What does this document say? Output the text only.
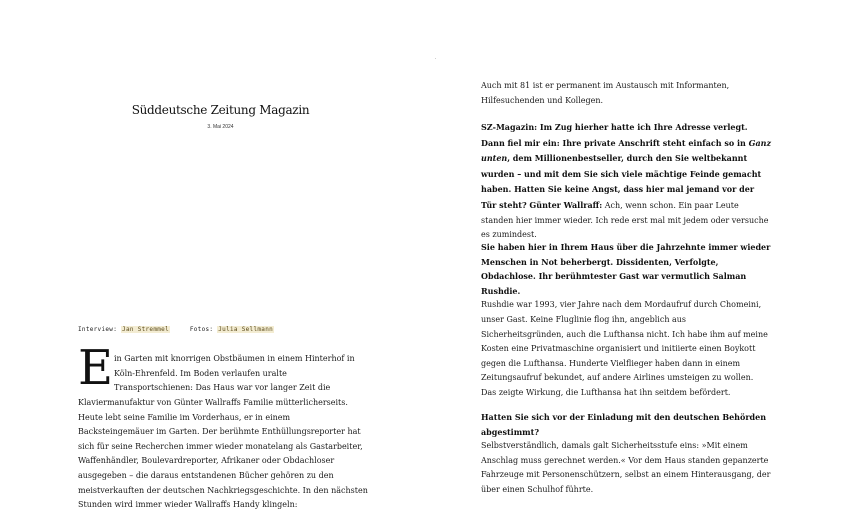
Süddeutsche Zeitung Magazin
3. Mai 2024
Interview: Jan Stremmel	Fotos: Julia Sellmann
E in Garten mit knorrigen Obstbäumen in einem Hinterhof in Köln-Ehrenfeld. Im Boden verlaufen uralte Transportschienen: Das Haus war vor langer Zeit die
Klaviermanufaktur von Günter Wallraffs Familie mütterlicherseits. Heute lebt seine Familie im Vorderhaus, er in einem Backsteingemäuer im Garten. Der berühmte Enthüllungsreporter hat sich für seine Recherchen immer wieder monatelang als Gastarbeiter, Waffenhändler, Boulevardreporter, Afrikaner oder Obdachloser ausgegeben – die daraus entstandenen Bücher gehören zu den meistverkauften der deutschen Nachkriegsgeschichte. In den nächsten Stunden wird immer wieder Wallraffs Handy klingeln:
Auch mit 81 ist er permanent im Austausch mit Informanten, Hilfesuchenden und Kollegen.
SZ-Magazin: Im Zug hierher hatte ich Ihre Adresse verlegt. Dann fiel mir ein: Ihre private Anschrift steht einfach so in Ganz unten, dem Millionenbestseller, durch den Sie weltbekannt wurden – und mit dem Sie sich viele mächtige Feinde gemacht haben. Hatten Sie keine Angst, dass hier mal jemand vor der Tür steht? Günter Wallraff: Ach, wenn schon. Ein paar Leute standen hier immer wieder. Ich rede erst mal mit jedem oder versuche es zumindest.
Sie haben hier in Ihrem Haus über die Jahrzehnte immer wieder Menschen in Not beherbergt. Dissidenten, Verfolgte, Obdachlose. Ihr berühmtester Gast war vermutlich Salman Rushdie.
Rushdie war 1993, vier Jahre nach dem Mordaufruf durch Chomeini, unser Gast. Keine Fluglinie flog ihn, angeblich aus Sicherheitsgründen, auch die Lufthansa nicht. Ich habe ihm auf meine Kosten eine Privatmaschine organisiert und initiierte einen Boykott gegen die Lufthansa. Hunderte Vielflieger haben dann in einem Zeitungsaufruf bekundet, auf andere Airlines umsteigen zu wollen. Das zeigte Wirkung, die Lufthansa hat ihn seitdem befördert.
Hatten Sie sich vor der Einladung mit den deutschen Behörden abgestimmt?
Selbstverständlich, damals galt Sicherheitsstufe eins: »Mit einem Anschlag muss gerechnet werden.« Vor dem Haus standen gepanzerte Fahrzeuge mit Personenschützern, selbst an einem Hinterausgang, der über einen Schulhof führte.
